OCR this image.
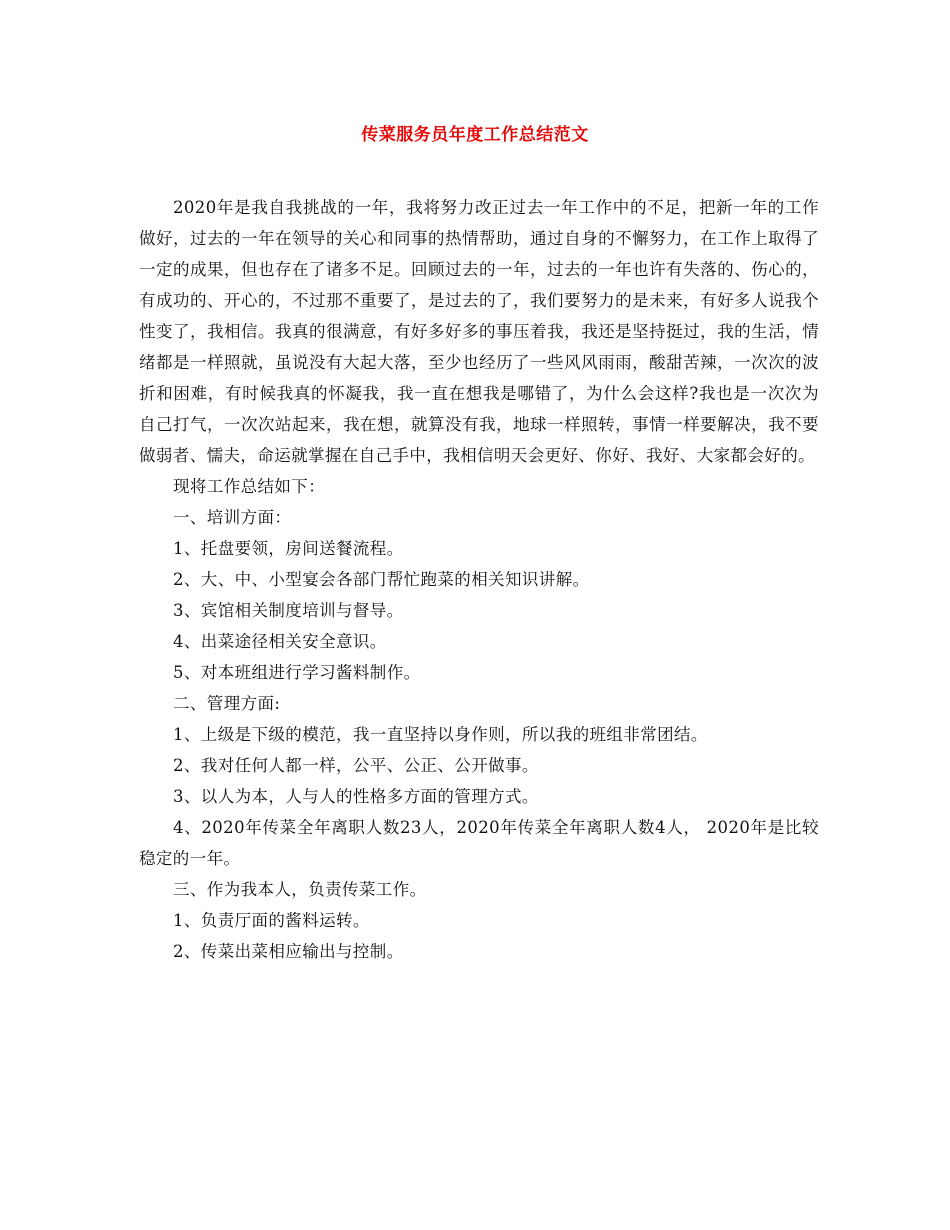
传菜服务员年度工作总结范文

2020年是我自我挑战的一年，我将努力改正过去一年工作中的不足，把新一年的工作做好，过去的一年在领导的关心和同事的热情帮助，通过自身的不懈努力，在工作上取得了一定的成果，但也存在了诸多不足。回顾过去的一年，过去的一年也许有失落的、伤心的，有成功的、开心的，不过那不重要了，是过去的了，我们要努力的是未来，有好多人说我个性变了，我相信。我真的很满意，有好多好多的事压着我，我还是坚持挺过，我的生活，情绪都是一样照就，虽说没有大起大落，至少也经历了一些风风雨雨，酸甜苦辣，一次次的波折和困难，有时候我真的怀凝我，我一直在想我是哪错了，为什么会这样?我也是一次次为自己打气，一次次站起来，我在想，就算没有我，地球一样照转，事情一样要解决，我不要做弱者、懦夫，命运就掌握在自己手中，我相信明天会更好、你好、我好、大家都会好的。

现将工作总结如下：

一、培训方面：

1、托盘要领，房间送餐流程。

2、大、中、小型宴会各部门帮忙跑菜的相关知识讲解。

3、宾馆相关制度培训与督导。

4、出菜途径相关安全意识。

5、对本班组进行学习酱料制作。

二、管理方面:

1、上级是下级的模范，我一直坚持以身作则，所以我的班组非常团结。

2、我对任何人都一样，公平、公正、公开做事。

3、以人为本，人与人的性格多方面的管理方式。

4、2020年传菜全年离职人数23人，2020年传菜全年离职人数4人， 2020年是比较稳定的一年。

三、作为我本人，负责传菜工作。

1、负责厅面的酱料运转。

2、传菜出菜相应输出与控制。
